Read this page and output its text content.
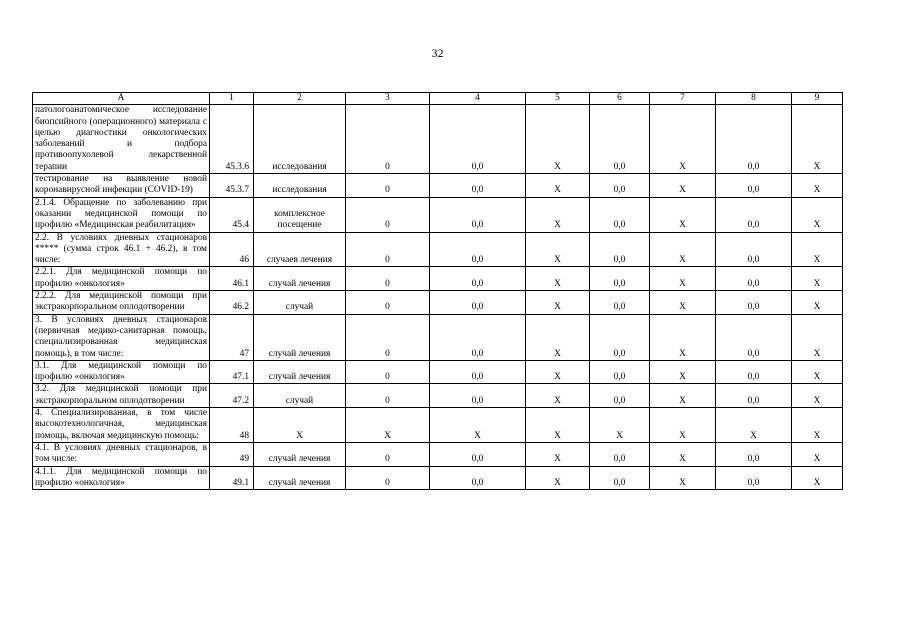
32
А	1	2	3	4	5	6	7	8	9
патологоанатомическое исследование биопсийного (операционного) материала с целью диагностики онкологических заболеваний и подбора противоопухолевой лекарственной терапии	45.3.6	исследования	0	0,0	Х	0,0	Х	0,0	Х
тестирование на выявление новой коронавирусной инфекции (COVID-19)	45.3.7	исследования	0	0,0	Х	0,0	Х	0,0	Х
2.1.4. Обращение по заболеванию при оказании медицинской помощи по профилю «Медицинская реабилитация»	45.4	комплексное посещение	0	0,0	Х	0,0	Х	0,0	Х
2.2. В условиях дневных стационаров ***** (сумма строк 46.1 + 46.2), в том числе:	46	случаев лечения	0	0,0	Х	0,0	Х	0,0	Х
2.2.1. Для медицинской помощи по профилю «онкология»	46.1	случай лечения	0	0,0	Х	0,0	Х	0,0	Х
2.2.2. Для медицинской помощи при экстракорпоральном оплодотворении	46.2	случай	0	0,0	Х	0,0	Х	0,0	Х
3. В условиях дневных стационаров (первичная медико-санитарная помощь, специализированная медицинская помощь), в том числе:	47	случай лечения	0	0,0	Х	0,0	Х	0,0	Х
3.1. Для медицинской помощи по профилю «онкология»	47.1	случай лечения	0	0,0	Х	0,0	Х	0,0	Х
3.2. Для медицинской помощи при экстракорпоральном оплодотворении	47.2	случай	0	0,0	Х	0,0	Х	0,0	Х
4. Специализированная, в том числе высокотехнологичная, медицинская помощь, включая медицинскую помощь:	48	Х	Х	Х	Х	Х	Х	Х	Х
4.1. В условиях дневных стационаров, в том числе:	49	случай лечения	0	0,0	Х	0,0	Х	0,0	Х
4.1.1. Для медицинской помощи по профилю «онкология»	49.1	случай лечения	0	0,0	Х	0,0	Х	0,0	Х
